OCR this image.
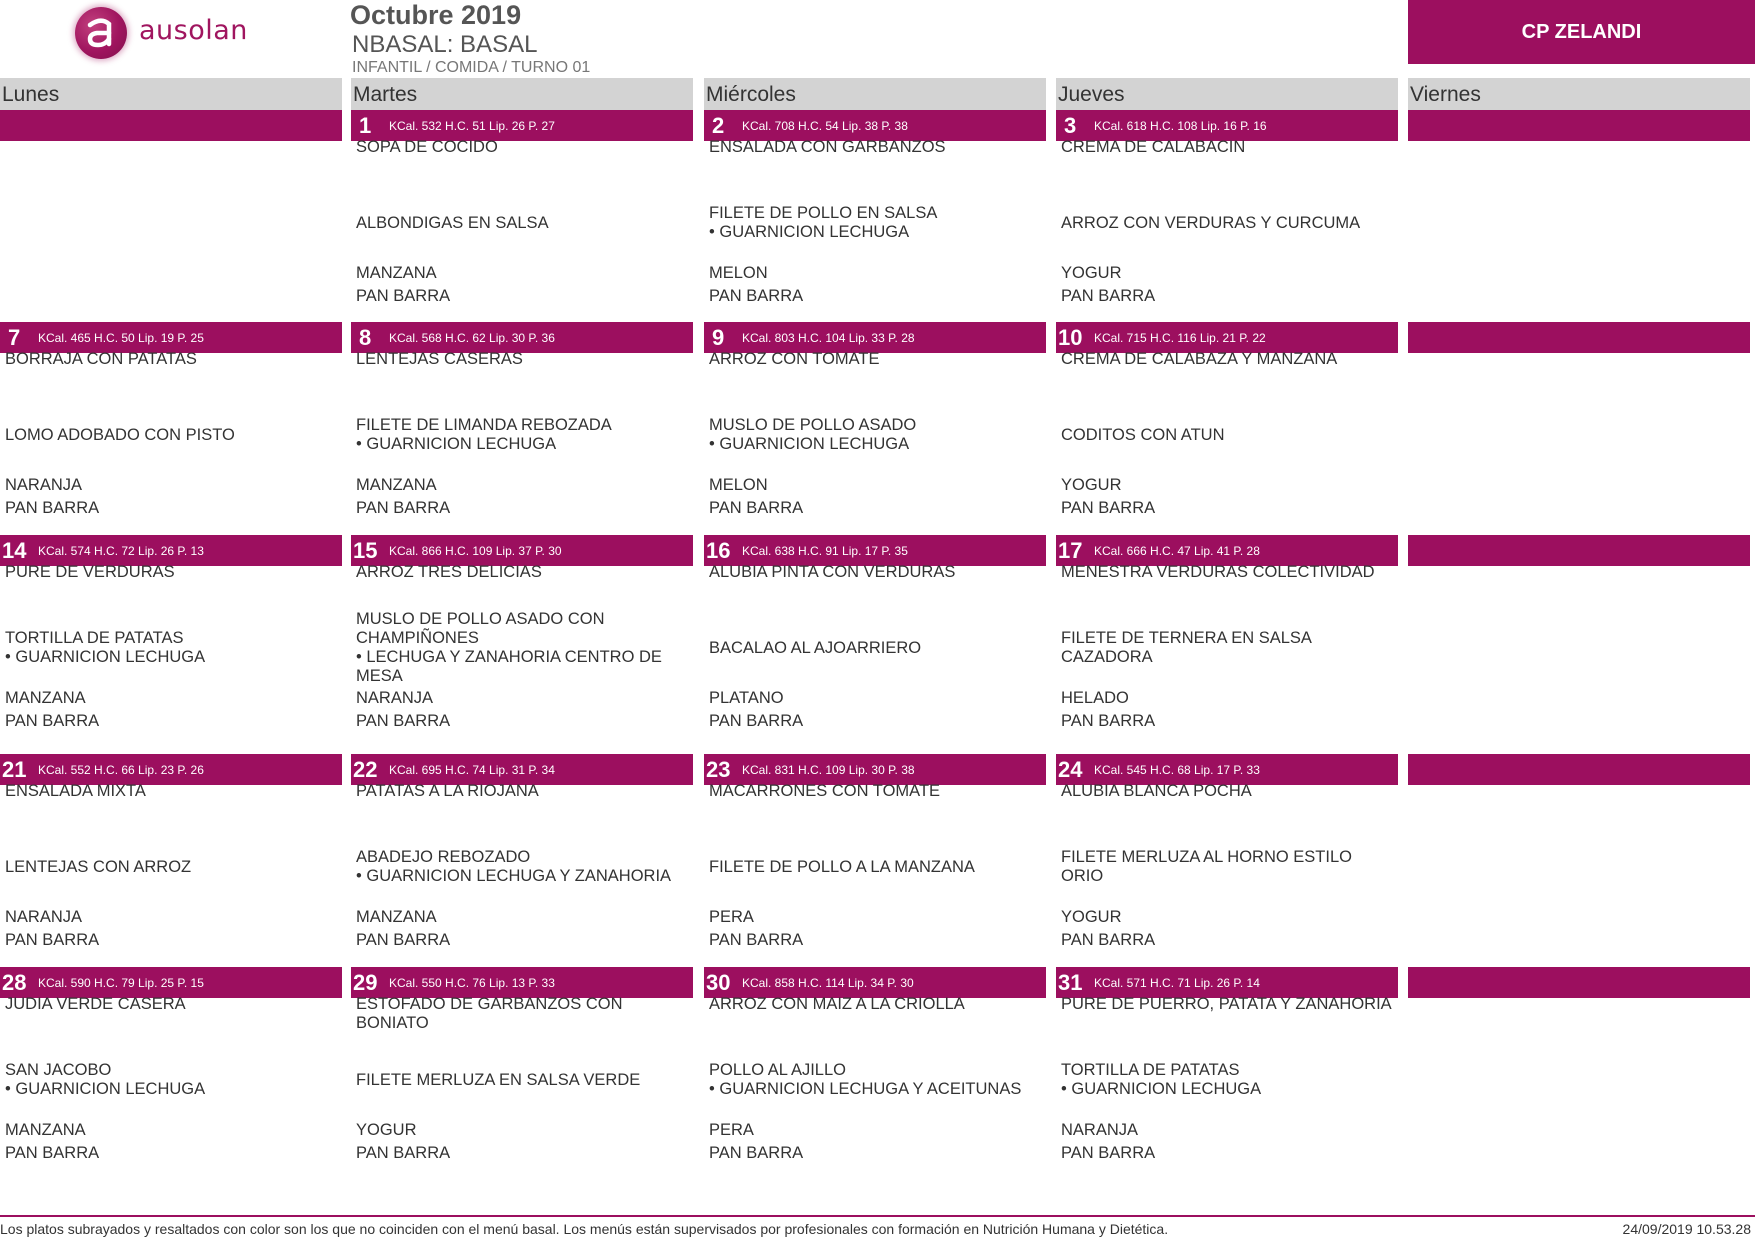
ausolan	Octubre 2019
NBASAL: BASAL
INFANTIL / COMIDA / TURNO 01
CP ZELANDI
Lunes	Martes	Miércoles	Jueves	Viernes
1 KCal. 532 H.C. 51 Lip. 26 P. 27
SOPA DE COCIDO
ALBONDIGAS EN SALSA
MANZANA
PAN BARRA
2 KCal. 708 H.C. 54 Lip. 38 P. 38
ENSALADA CON GARBANZOS
FILETE DE POLLO EN SALSA
• GUARNICION LECHUGA
MELON
PAN BARRA
3 KCal. 618 H.C. 108 Lip. 16 P. 16
CREMA DE CALABACIN
ARROZ CON VERDURAS Y CURCUMA
YOGUR
PAN BARRA
7 KCal. 465 H.C. 50 Lip. 19 P. 25
BORRAJA CON PATATAS
LOMO ADOBADO CON PISTO
NARANJA
PAN BARRA
8 KCal. 568 H.C. 62 Lip. 30 P. 36
LENTEJAS CASERAS
FILETE DE LIMANDA REBOZADA
• GUARNICION LECHUGA
MANZANA
PAN BARRA
9 KCal. 803 H.C. 104 Lip. 33 P. 28
ARROZ CON TOMATE
MUSLO DE POLLO ASADO
• GUARNICION LECHUGA
MELON
PAN BARRA
10 KCal. 715 H.C. 116 Lip. 21 P. 22
CREMA DE CALABAZA Y MANZANA
CODITOS CON ATUN
YOGUR
PAN BARRA
14 KCal. 574 H.C. 72 Lip. 26 P. 13
PURE DE VERDURAS
TORTILLA DE PATATAS
• GUARNICION LECHUGA
MANZANA
PAN BARRA
15 KCal. 866 H.C. 109 Lip. 37 P. 30
ARROZ TRES DELICIAS
MUSLO DE POLLO ASADO CON CHAMPIÑONES
• LECHUGA Y ZANAHORIA CENTRO DE MESA
NARANJA
PAN BARRA
16 KCal. 638 H.C. 91 Lip. 17 P. 35
ALUBIA PINTA CON VERDURAS
BACALAO AL AJOARRIERO
PLATANO
PAN BARRA
17 KCal. 666 H.C. 47 Lip. 41 P. 28
MENESTRA VERDURAS COLECTIVIDAD
FILETE DE TERNERA EN SALSA CAZADORA
HELADO
PAN BARRA
21 KCal. 552 H.C. 66 Lip. 23 P. 26
ENSALADA MIXTA
LENTEJAS CON ARROZ
NARANJA
PAN BARRA
22 KCal. 695 H.C. 74 Lip. 31 P. 34
PATATAS A LA RIOJANA
ABADEJO REBOZADO
• GUARNICION LECHUGA Y ZANAHORIA
MANZANA
PAN BARRA
23 KCal. 831 H.C. 109 Lip. 30 P. 38
MACARRONES CON TOMATE
FILETE DE POLLO A LA MANZANA
PERA
PAN BARRA
24 KCal. 545 H.C. 68 Lip. 17 P. 33
ALUBIA BLANCA POCHA
FILETE MERLUZA AL HORNO ESTILO ORIO
YOGUR
PAN BARRA
28 KCal. 590 H.C. 79 Lip. 25 P. 15
JUDIA VERDE CASERA
SAN JACOBO
• GUARNICION LECHUGA
MANZANA
PAN BARRA
29 KCal. 550 H.C. 76 Lip. 13 P. 33
ESTOFADO DE GARBANZOS CON BONIATO
FILETE MERLUZA EN SALSA VERDE
YOGUR
PAN BARRA
30 KCal. 858 H.C. 114 Lip. 34 P. 30
ARROZ CON MAIZ A LA CRIOLLA
POLLO AL AJILLO
• GUARNICION LECHUGA Y ACEITUNAS
PERA
PAN BARRA
31 KCal. 571 H.C. 71 Lip. 26 P. 14
PURE DE PUERRO, PATATA Y ZANAHORIA
TORTILLA DE PATATAS
• GUARNICION LECHUGA
NARANJA
PAN BARRA
Los platos subrayados y resaltados con color son los que no coinciden con el menú basal. Los menús están supervisados por profesionales con formación en Nutrición Humana y Dietética.	24/09/2019 10.53.28
